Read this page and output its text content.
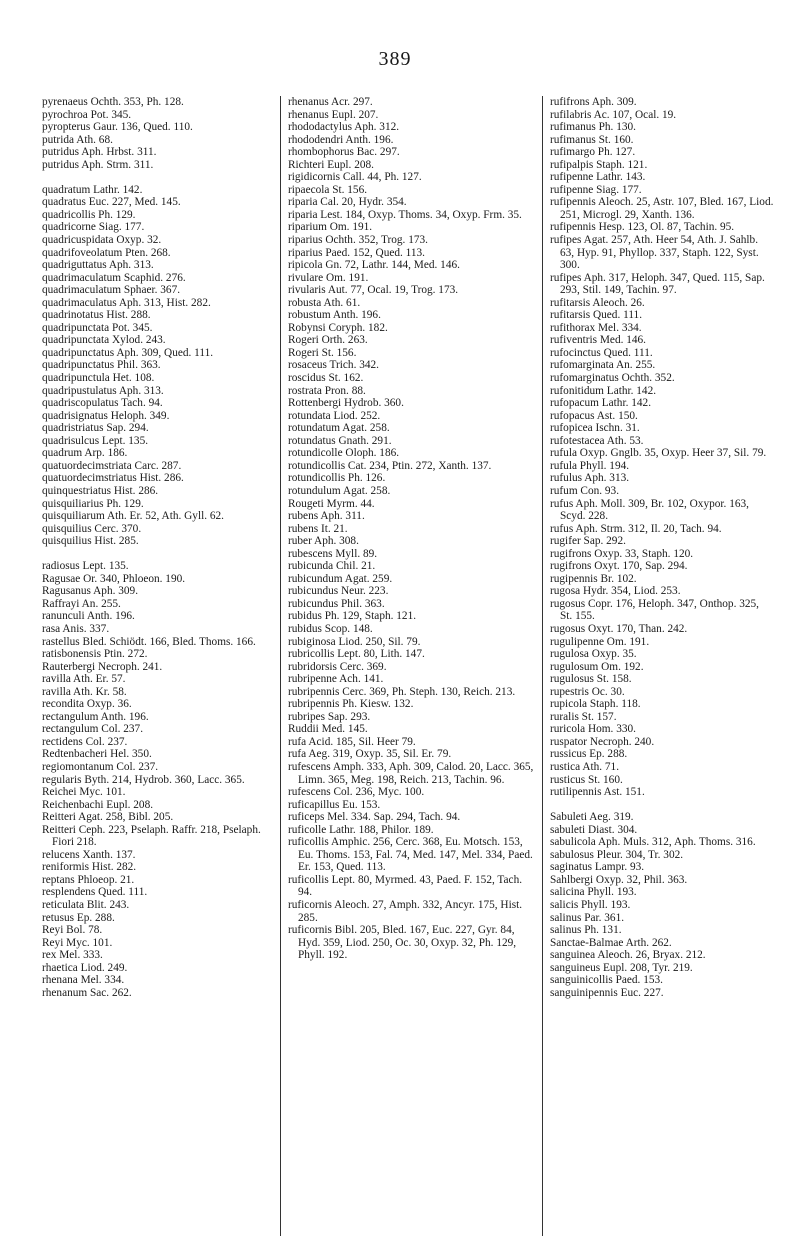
389
pyrenaeus Ochth. 353, Ph. 128.
pyrochroa Pot. 345.
pyropterus Gaur. 136, Qued. 110.
putrida Ath. 68.
putridus Aph. Hrbst. 311.
putridus Aph. Strm. 311.
quadratum Lathr. 142.
quadratus Euc. 227, Med. 145.
quadricollis Ph. 129.
quadricorne Siag. 177.
quadricuspidata Oxyp. 32.
quadrifoveolatum Pten. 268.
quadriguttatus Aph. 313.
quadrimaculatum Scaphid. 276.
quadrimaculatum Sphaer. 367.
quadrimaculatus Aph. 313, Hist. 282.
quadrinotatus Hist. 288.
quadripunctata Pot. 345.
quadripunctata Xylod. 243.
quadripunctatus Aph. 309, Qued. 111.
quadripunctatus Phil. 363.
quadripunctula Het. 108.
quadripustulatus Aph. 313.
quadriscopulatus Tach. 94.
quadrisignatus Heloph. 349.
quadristriatus Sap. 294.
quadrisulcus Lept. 135.
quadrum Arp. 186.
quatuordecimstriata Carc. 287.
quatuordecimstriatus Hist. 286.
quinquestriatus Hist. 286.
quisquiliarius Ph. 129.
quisquiliarum Ath. Er. 52, Ath. Gyll. 62.
quisquilius Cerc. 370.
quisquilius Hist. 285.
radiosus Lept. 135.
Ragusae Or. 340, Phloeon. 190.
Ragusanus Aph. 309.
Raffrayi An. 255.
ranunculi Anth. 196.
rasa Anis. 337.
rastellus Bled. Schiödt. 166, Bled. Thoms. 166.
ratisbonensis Ptin. 272.
Rauterbergi Necroph. 241.
ravilla Ath. Er. 57.
ravilla Ath. Kr. 58.
recondita Oxyp. 36.
rectangulum Anth. 196.
rectangulum Col. 237.
rectidens Col. 237.
Redtenbacheri Hel. 350.
regiomontanum Col. 237.
regularis Byth. 214, Hydrob. 360, Lacc. 365.
Reichei Myc. 101.
Reichenbachi Eupl. 208.
Reitteri Agat. 258, Bibl. 205.
Reitteri Ceph. 223, Pselaph. Raffr. 218, Pselaph. Fiori 218.
relucens Xanth. 137.
reniformis Hist. 282.
reptans Phloeop. 21.
resplendens Qued. 111.
reticulata Blit. 243.
retusus Ep. 288.
Reyi Bol. 78.
Reyi Myc. 101.
rex Mel. 333.
rhaetica Liod. 249.
rhenana Mel. 334.
rhenanum Sac. 262.
rhenanus Acr. 297.
rhenanus Eupl. 207.
rhododactylus Aph. 312.
rhododendri Anth. 196.
rhombophorus Bac. 297.
Richteri Eupl. 208.
rigidicornis Call. 44, Ph. 127.
ripaecola St. 156.
riparia Cal. 20, Hydr. 354.
riparia Lest. 184, Oxyp. Thoms. 34, Oxyp. Frm. 35.
riparium Om. 191.
riparius Ochth. 352, Trog. 173.
riparius Paed. 152, Qued. 113.
ripicola Gn. 72, Lathr. 144, Med. 146.
rivulare Om. 191.
rivularis Aut. 77, Ocal. 19, Trog. 173.
robusta Ath. 61.
robustum Anth. 196.
Robynsi Coryph. 182.
Rogeri Orth. 263.
Rogeri St. 156.
rosaceus Trich. 342.
roscidus St. 162.
rostrata Pron. 88.
Rottenbergi Hydrob. 360.
rotundata Liod. 252.
rotundatum Agat. 258.
rotundatus Gnath. 291.
rotundicolle Oloph. 186.
rotundicollis Cat. 234, Ptin. 272, Xanth. 137.
rotundicollis Ph. 126.
rotundulum Agat. 258.
Rougeti Myrm. 44.
rubens Aph. 311.
rubens It. 21.
ruber Aph. 308.
rubescens Myll. 89.
rubicunda Chil. 21.
rubicundum Agat. 259.
rubicundus Neur. 223.
rubicundus Phil. 363.
rubidus Ph. 129, Staph. 121.
rubidus Scop. 148.
rubiginosa Liod. 250, Sil. 79.
rubricollis Lept. 80, Lith. 147.
rubridorsis Cerc. 369.
rubripenne Ach. 141.
rubripennis Cerc. 369, Ph. Steph. 130, Reich. 213.
rubripennis Ph. Kiesw. 132.
rubripes Sap. 293.
Ruddii Med. 145.
rufa Acid. 185, Sil. Heer 79.
rufa Aeg. 319, Oxyp. 35, Sil. Er. 79.
rufescens Amph. 333, Aph. 309, Calod. 20, Lacc. 365, Limn. 365, Meg. 198, Reich. 213, Tachin. 96.
rufescens Col. 236, Myc. 100.
ruficapillus Eu. 153.
ruficeps Mel. 334. Sap. 294, Tach. 94.
ruficolle Lathr. 188, Philor. 189.
ruficollis Amphic. 256, Cerc. 368, Eu. Motsch. 153, Eu. Thoms. 153, Fal. 74, Med. 147, Mel. 334, Paed. Er. 153, Qued. 113.
ruficollis Lept. 80, Myrmed. 43, Paed. F. 152, Tach. 94.
ruficornis Aleoch. 27, Amph. 332, Ancyr. 175, Hist. 285.
ruficornis Bibl. 205, Bled. 167, Euc. 227, Gyr. 84, Hyd. 359, Liod. 250, Oc. 30, Oxyp. 32, Ph. 129, Phyll. 192.
rufifrons Aph. 309.
rufilabris Ac. 107, Ocal. 19.
rufimanus Ph. 130.
rufimanus St. 160.
rufimargo Ph. 127.
rufipalpis Staph. 121.
rufipenne Lathr. 143.
rufipenne Siag. 177.
rufipennis Aleoch. 25, Astr. 107, Bled. 167, Liod. 251, Microgl. 29, Xanth. 136.
rufipennis Hesp. 123, Ol. 87, Tachin. 95.
rufipes Agat. 257, Ath. Heer 54, Ath. J. Sahlb. 63, Hyp. 91, Phyllop. 337, Staph. 122, Syst. 300.
rufipes Aph. 317, Heloph. 347, Qued. 115, Sap. 293, Stil. 149, Tachin. 97.
rufitarsis Aleoch. 26.
rufitarsis Qued. 111.
rufithorax Mel. 334.
rufiventris Med. 146.
rufocinctus Qued. 111.
rufomarginata An. 255.
rufomarginatus Ochth. 352.
rufonitidum Lathr. 142.
rufopacum Lathr. 142.
rufopacus Ast. 150.
rufopicea Ischn. 31.
rufotestacea Ath. 53.
rufula Oxyp. Gnglb. 35, Oxyp. Heer 37, Sil. 79.
rufula Phyll. 194.
rufulus Aph. 313.
rufum Con. 93.
rufus Aph. Moll. 309, Br. 102, Oxypor. 163, Scyd. 228.
rufus Aph. Strm. 312, Il. 20, Tach. 94.
rugifer Sap. 292.
rugifrons Oxyp. 33, Staph. 120.
rugifrons Oxyt. 170, Sap. 294.
rugipennis Br. 102.
rugosa Hydr. 354, Liod. 253.
rugosus Copr. 176, Heloph. 347, Onthop. 325, St. 155.
rugosus Oxyt. 170, Than. 242.
rugulipenne Om. 191.
rugulosa Oxyp. 35.
rugulosum Om. 192.
rugulosus St. 158.
rupestris Oc. 30.
rupicola Staph. 118.
ruralis St. 157.
ruricola Hom. 330.
ruspator Necroph. 240.
russicus Ep. 288.
rustica Ath. 71.
rusticus St. 160.
rutilipennis Ast. 151.
Sabuleti Aeg. 319.
sabuleti Diast. 304.
sabulicola Aph. Muls. 312, Aph. Thoms. 316.
sabulosus Pleur. 304, Tr. 302.
saginatus Lampr. 93.
Sahlbergi Oxyp. 32, Phil. 363.
salicina Phyll. 193.
salicis Phyll. 193.
salinus Par. 361.
salinus Ph. 131.
Sanctae-Balmae Arth. 262.
sanguinea Aleoch. 26, Bryax. 212.
sanguineus Eupl. 208, Tyr. 219.
sanguinicollis Paed. 153.
sanguinipennis Euc. 227.
